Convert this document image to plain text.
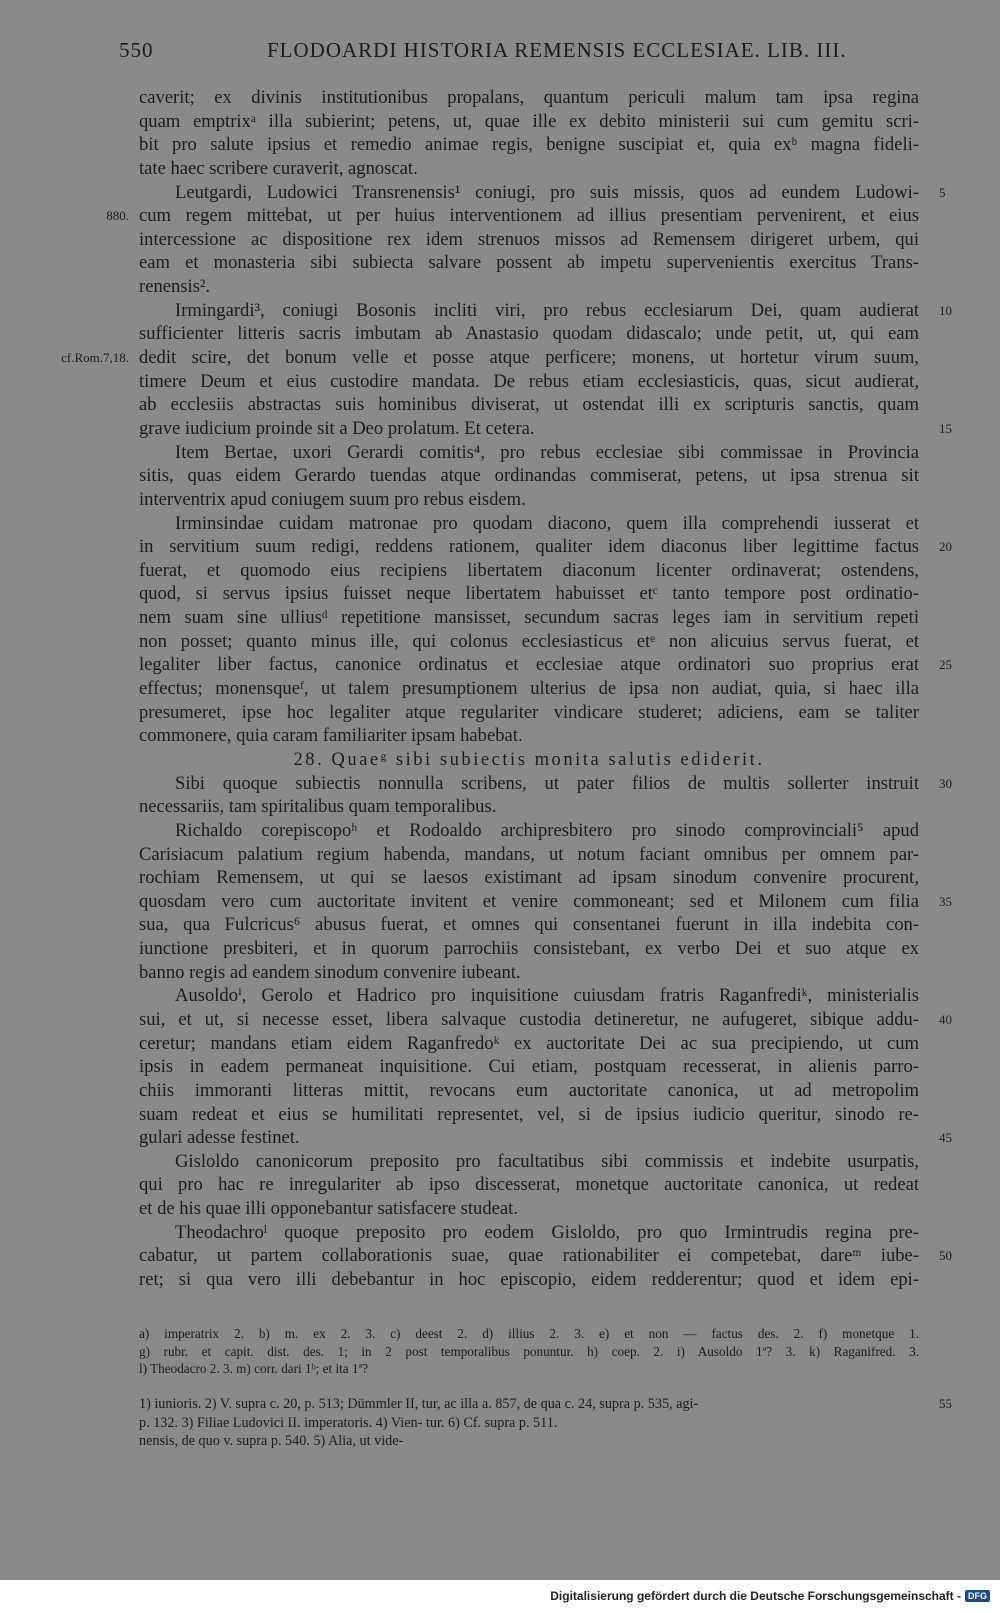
550	FLODOARDI HISTORIA REMENSIS ECCLESIAE. LIB. III.
caverit; ex divinis institutionibus propalans, quantum periculi malum tam ipsa regina
quam emptrixᵃ illa subierint; petens, ut, quae ille ex debito ministerii sui cum gemitu scri-
bit pro salute ipsius et remedio animae regis, benigne suscipiat et, quia exᵇ magna fideli-
tate haec scribere curaverit, agnoscat.
Leutgardi, Ludowici Transrenensis¹ coniugi, pro suis missis, quos ad eundem Ludowi- 5
cum regem mittebat, ut per huius interventionem ad illius presentiam pervenirent, et eius
880.
intercessione ac dispositione rex idem strenuos missos ad Remensem dirigeret urbem, qui
eam et monasteria sibi subiecta salvare possent ab impetu supervenientis exercitus Trans-
renensis².
Irmingardi³, coniugi Bosonis incliti viri, pro rebus ecclesiarum Dei, quam audierat 10
sufficienter litteris sacris imbutam ab Anastasio quodam didascalo; unde petit, ut, qui eam
dedit scire, det bonum velle et posse atque perficere; monens, ut hortetur virum suum,
cf.Rom.7,18.
timere Deum et eius custodire mandata. De rebus etiam ecclesiasticis, quas, sicut audierat,
ab ecclesiis abstractas suis hominibus diviserat, ut ostendat illi ex scripturis sanctis, quam
grave iudicium proinde sit a Deo prolatum. Et cetera.	15
Item Bertae, uxori Gerardi comitis⁴, pro rebus ecclesiae sibi commissae in Provincia
sitis, quas eidem Gerardo tuendas atque ordinandas commiserat, petens, ut ipsa strenua sit
interventrix apud coniugem suum pro rebus eisdem.
Irminsindae cuidam matronae pro quodam diacono, quem illa comprehendi iusserat et
in servitium suum redigi, reddens rationem, qualiter idem diaconus liber legittime factus 20
fuerat, et quomodo eius recipiens libertatem diaconum licenter ordinaverat; ostendens,
quod, si servus ipsius fuisset neque libertatem habuisset etᶜ tanto tempore post ordinatio-
nem suam sine ulliusᵈ repetitione mansisset, secundum sacras leges iam in servitium repeti
non posset; quanto minus ille, qui colonus ecclesiasticus etᵉ non alicuius servus fuerat, et
legaliter liber factus, canonice ordinatus et ecclesiae atque ordinatori suo proprius erat 25
effectus; monensqueᶠ, ut talem presumptionem ulterius de ipsa non audiat, quia, si haec illa
presumeret, ipse hoc legaliter atque regulariter vindicare studeret; adiciens, eam se taliter
commonere, quia caram familiariter ipsam habebat.
28. Quaeᵍ sibi subiectis monita salutis ediderit.
Sibi quoque subiectis nonnulla scribens, ut pater filios de multis sollerter instruit 30
necessariis, tam spiritalibus quam temporalibus.
Richaldo corepiscopoʰ et Rodoaldo archipresbitero pro sinodo comprovinciali⁵ apud
Carisiacum palatium regium habenda, mandans, ut notum faciant omnibus per omnem par-
rochiam Remensem, ut qui se laesos existimant ad ipsam sinodum convenire procurent,
quosdam vero cum auctoritate invitent et venire commoneant; sed et Milonem cum filia 35
sua, qua Fulcricus⁶ abusus fuerat, et omnes qui consentanei fuerunt in illa indebita con-
iunctione presbiteri, et in quorum parrochiis consistebant, ex verbo Dei et suo atque ex
banno regis ad eandem sinodum convenire iubeant.
Ausoldoⁱ, Gerolo et Hadrico pro inquisitione cuiusdam fratris Raganfrediᵏ, ministerialis
sui, et ut, si necesse esset, libera salvaque custodia detineretur, ne aufugeret, sibique addu- 40
ceretur; mandans etiam eidem Raganfredoᵏ ex auctoritate Dei ac sua precipiendo, ut cum
ipsis in eadem permaneat inquisitione. Cui etiam, postquam recesserat, in alienis parro-
chiis immoranti litteras mittit, revocans eum auctoritate canonica, ut ad metropolim
suam redeat et eius se humilitati representet, vel, si de ipsius iudicio queritur, sinodo re-
gulari adesse festinet.	45
Gisloldo canonicorum preposito pro facultatibus sibi commissis et indebite usurpatis,
qui pro hac re inregulariter ab ipso discesserat, monetque auctoritate canonica, ut redeat
et de his quae illi opponebantur satisfacere studeat.
Theodachroˡ quoque preposito pro eodem Gisloldo, pro quo Irmintrudis regina pre-
cabatur, ut partem collaborationis suae, quae rationabiliter ei competebat, dareᵐ iube- 50
ret; si qua vero illi debebantur in hoc episcopio, eidem redderentur; quod et idem epi-
a) imperatrix 2. b) m. ex 2. 3. c) deest 2. d) illius 2. 3. e) et non — factus des. 2. f) monetque 1.
g) rubr. et capit. dist. des. 1; in 2 post temporalibus ponuntur. h) coep. 2. i) Ausoldo 1ª? 3. k) Raganifred. 3.
l) Theodacro 2. 3. m) corr. dari 1ᵇ; et ita 1ª?
1) iunioris. 2) V. supra c. 20, p. 513; Dümmler II, tur, ac illa a. 857, de qua c. 24, supra p. 535, agi-	55
p. 132. 3) Filiae Ludovici II. imperatoris. 4) Vien- tur. 6) Cf. supra p. 511.
nensis, de quo v. supra p. 540. 5) Alia, ut vide-
Digitalisierung gefördert durch die Deutsche Forschungsgemeinschaft - DFG
